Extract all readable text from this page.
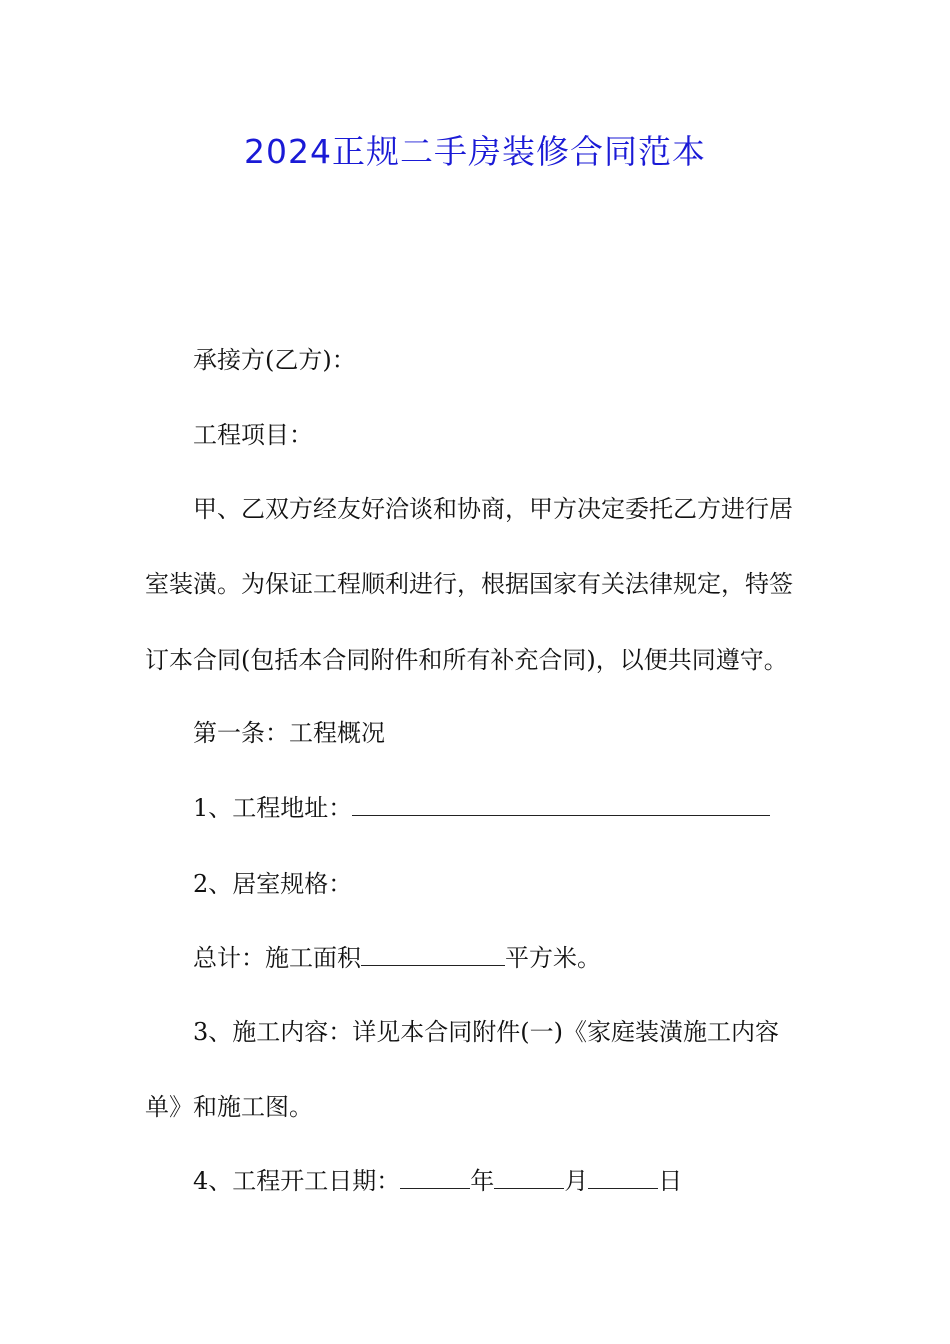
2024正规二手房装修合同范本
承接方(乙方)：
工程项目：
甲、乙双方经友好洽谈和协商，甲方决定委托乙方进行居
室装潢。为保证工程顺利进行，根据国家有关法律规定，特签
订本合同(包括本合同附件和所有补充合同)，以便共同遵守。
第一条：工程概况
1、工程地址：
2、居室规格：
总计：施工面积	平方米。
3、施工内容：详见本合同附件(一)《家庭装潢施工内容
单》和施工图。
4、工程开工日期：	年	月	日
